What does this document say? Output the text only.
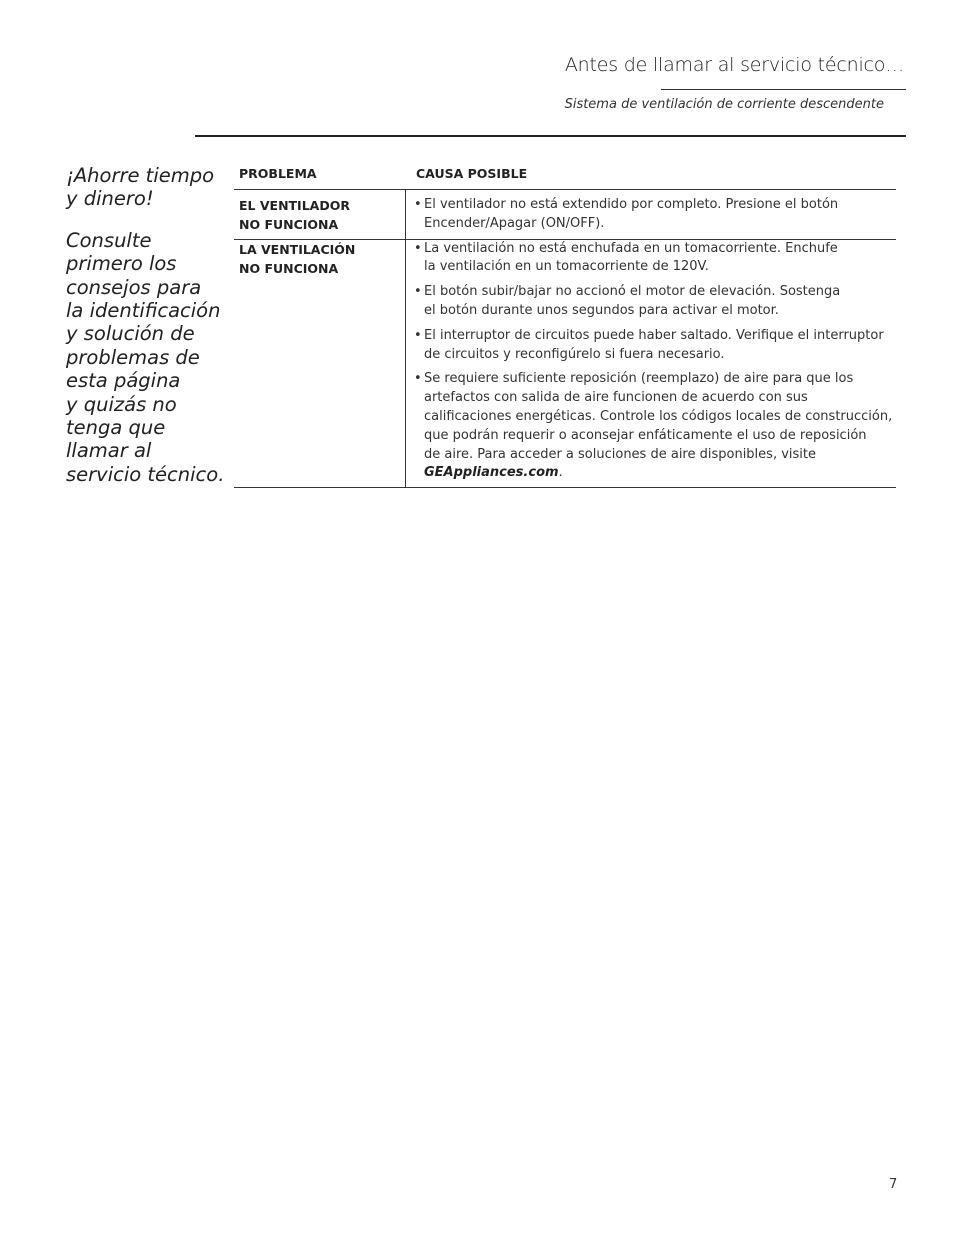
Antes de llamar al servicio técnico…
Sistema de ventilación de corriente descendente

¡Ahorre tiempo
y dinero!

Consulte
primero los
consejos para
la identificación
y solución de
problemas de
esta página
y quizás no
tenga que
llamar al
servicio técnico.

PROBLEMA	CAUSA POSIBLE
EL VENTILADOR
NO FUNCIONA
• El ventilador no está extendido por completo. Presione el botón
Encender/Apagar (ON/OFF).
LA VENTILACIÓN
NO FUNCIONA
• La ventilación no está enchufada en un tomacorriente. Enchufe
la ventilación en un tomacorriente de 120V.
• El botón subir/bajar no accionó el motor de elevación. Sostenga
el botón durante unos segundos para activar el motor.
• El interruptor de circuitos puede haber saltado. Verifique el interruptor
de circuitos y reconfigúrelo si fuera necesario.
• Se requiere suficiente reposición (reemplazo) de aire para que los
artefactos con salida de aire funcionen de acuerdo con sus
calificaciones energéticas. Controle los códigos locales de construcción,
que podrán requerir o aconsejar enfáticamente el uso de reposición
de aire. Para acceder a soluciones de aire disponibles, visite
GEAppliances.com.
7
